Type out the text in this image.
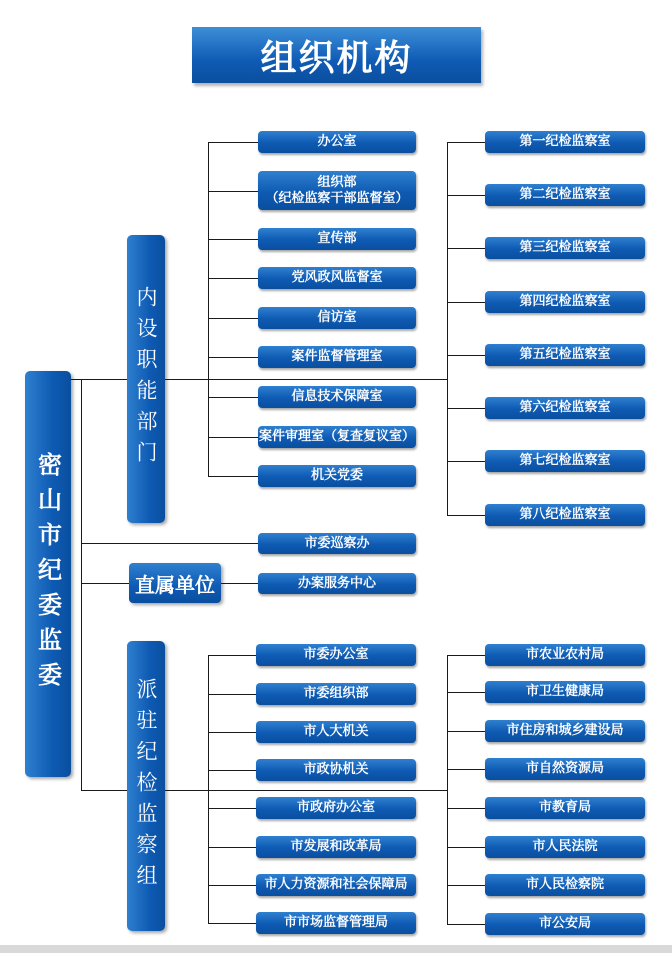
组织机构
密山市纪委监委
内设职能部门
直属单位
派驻纪检监察组
市委巡察办
办案服务中心
办公室
组织部
（纪检监察干部监督室）
宣传部
党风政风监督室
信访室
案件监督管理室
信息技术保障室
案件审理室（复查复议室）
机关党委
第一纪检监察室
第二纪检监察室
第三纪检监察室
第四纪检监察室
第五纪检监察室
第六纪检监察室
第七纪检监察室
第八纪检监察室
市委办公室
市委组织部
市人大机关
市政协机关
市政府办公室
市发展和改革局
市人力资源和社会保障局
市市场监督管理局
市农业农村局
市卫生健康局
市住房和城乡建设局
市自然资源局
市教育局
市人民法院
市人民检察院
市公安局
